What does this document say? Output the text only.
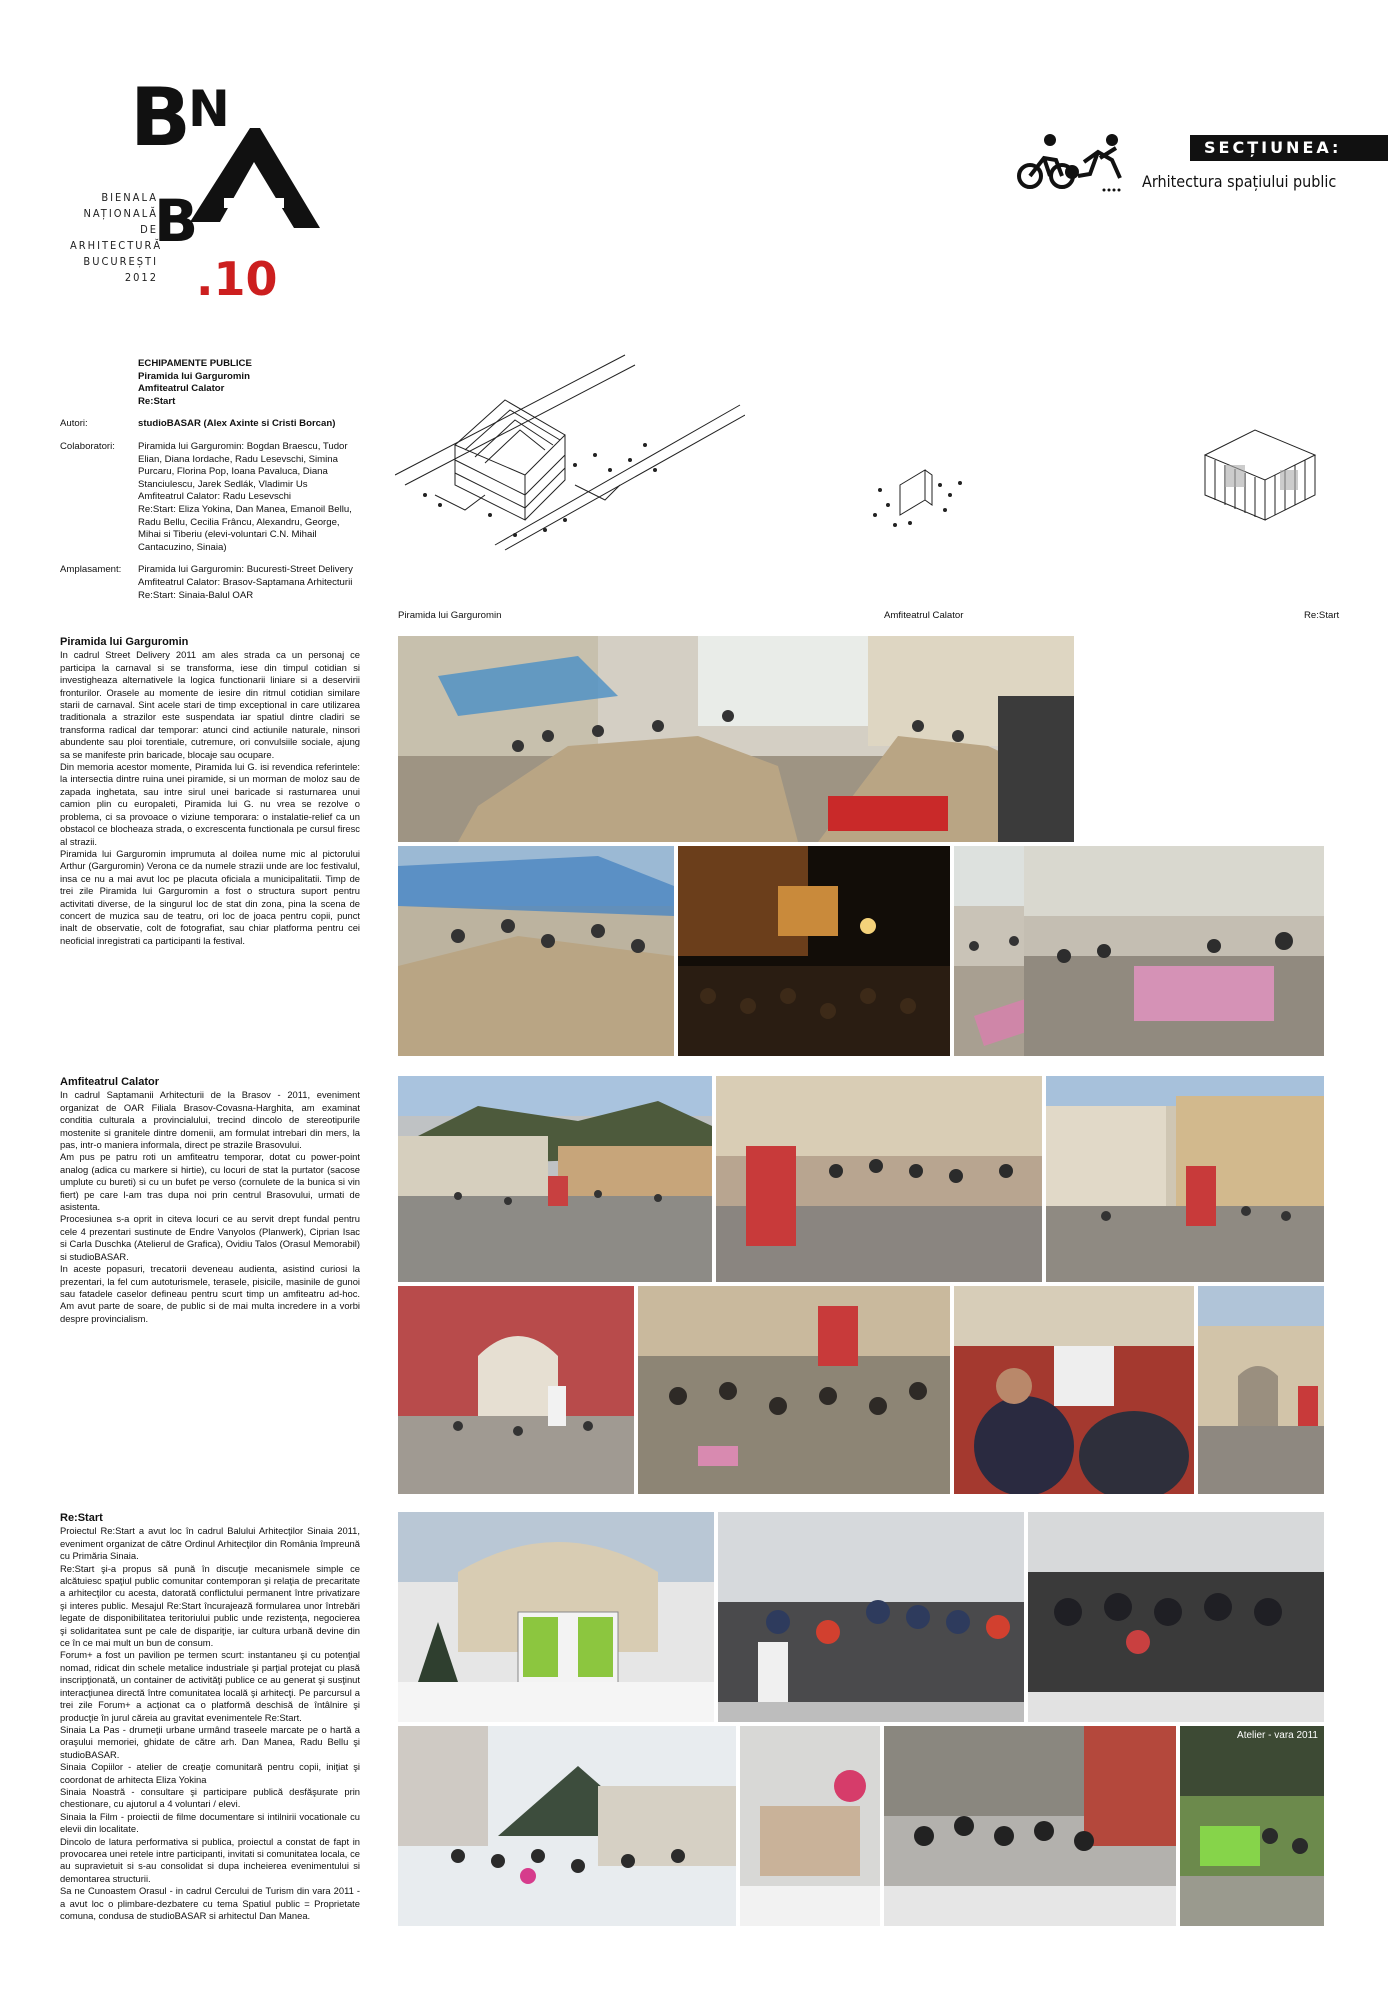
B
N
B
BIENALA
NAȚIONALĂ
DE
ARHITECTURĂ
BUCUREȘTI
2012 .10
SECȚIUNEA:
Arhitectura spațiului public
ECHIPAMENTE PUBLICE
Piramida lui Garguromin
Amfiteatrul Calator
Re:Start
Autori:	studioBASAR (Alex Axinte si Cristi Borcan)
Colaboratori:	Piramida lui Garguromin: Bogdan Braescu, Tudor
Elian, Diana Iordache, Radu Lesevschi, Simina
Purcaru, Florina Pop, Ioana Pavaluca, Diana
Stanciulescu, Jarek Sedlák, Vladimir Us
Amfiteatrul Calator: Radu Lesevschi
Re:Start: Eliza Yokina, Dan Manea, Emanoil Bellu,
Radu Bellu, Cecilia Frâncu, Alexandru, George,
Mihai si Tiberiu (elevi-voluntari C.N. Mihail
Cantacuzino, Sinaia)
Amplasament:	Piramida lui Garguromin: Bucuresti-Street Delivery
Amfiteatrul Calator: Brasov-Saptamana Arhitecturii
Re:Start: Sinaia-Balul OAR
Piramida lui Garguromin	Amfiteatrul Calator	Re:Start
Piramida lui Garguromin

In cadrul Street Delivery 2011 am ales strada ca un personaj ce participa la carnaval si se transforma, iese din timpul cotidian si investigheaza alternativele la logica functionarii liniare si a deservirii fronturilor. Orasele au momente de iesire din ritmul cotidian similare starii de carnaval. Sint acele stari de timp exceptional in care utilizarea traditionala a strazilor este suspendata iar spatiul dintre cladiri se transforma radical dar temporar: atunci cind actiunile naturale, ninsori abundente sau ploi torentiale, cutremure, ori convulsiile sociale, ajung sa se manifeste prin baricade, blocaje sau ocupare.

Din memoria acestor momente, Piramida lui G. isi revendica referintele: la intersectia dintre ruina unei piramide, si un morman de moloz sau de zapada inghetata, sau intre sirul unei baricade si rasturnarea unui camion plin cu europaleti, Piramida lui G. nu vrea se rezolve o problema, ci sa provoace o viziune temporara: o instalatie-relief ca un obstacol ce blocheaza strada, o excrescenta functionala pe cursul firesc al strazii.

Piramida lui Garguromin imprumuta al doilea nume mic al pictorului Arthur (Garguromin) Verona ce da numele strazii unde are loc festivalul, insa ce nu a mai avut loc pe placuta oficiala a municipalitatii. Timp de trei zile Piramida lui Garguromin a fost o structura suport pentru activitati diverse, de la singurul loc de stat din zona, pina la scena de concert de muzica sau de teatru, ori loc de joaca pentru copii, punct inalt de observatie, colt de fotografiat, sau chiar platforma pentru cei neoficial inregistrati ca participanti la festival.

Amfiteatrul Calator

In cadrul Saptamanii Arhitecturii de la Brasov - 2011, eveniment organizat de OAR Filiala Brasov-Covasna-Harghita, am examinat conditia culturala a provincialului, trecind dincolo de stereotipurile mostenite si granitele dintre domenii, am formulat intrebari din mers, la pas, intr-o maniera informala, direct pe strazile Brasovului.

Am pus pe patru roti un amfiteatru temporar, dotat cu power-point analog (adica cu markere si hirtie), cu locuri de stat la purtator (sacose umplute cu bureti) si cu un bufet pe verso (cornulete de la bunica si vin fiert) pe care l-am tras dupa noi prin centrul Brasovului, urmati de asistenta.

Procesiunea s-a oprit in citeva locuri ce au servit drept fundal pentru cele 4 prezentari sustinute de Endre Vanyolos (Planwerk), Ciprian Isac si Carla Duschka (Atelierul de Grafica), Ovidiu Talos (Orasul Memorabil) si studioBASAR.

In aceste popasuri, trecatorii deveneau audienta, asistind curiosi la prezentari, la fel cum autoturismele, terasele, pisicile, masinile de gunoi sau fatadele caselor defineau pentru scurt timp un amfiteatru ad-hoc. Am avut parte de soare, de public si de mai multa incredere in a vorbi despre provincialism.

Re:Start

Proiectul Re:Start a avut loc în cadrul Balului Arhitecţilor Sinaia 2011, eveniment organizat de către Ordinul Arhitecţilor din România împreună cu Primăria Sinaia.

Re:Start şi-a propus să pună în discuţie mecanismele simple ce alcătuiesc spaţiul public comunitar contemporan şi relaţia de precaritate a arhitecţilor cu acesta, datorată conflictului permanent între privatizare şi interes public. Mesajul Re:Start încurajează formularea unor întrebări legate de disponibilitatea teritoriului public unde rezistenţa, negocierea şi solidaritatea sunt pe cale de dispariţie, iar cultura urbană devine din ce în ce mai mult un bun de consum.

Forum+ a fost un pavilion pe termen scurt: instantaneu şi cu potenţial nomad, ridicat din schele metalice industriale şi parţial protejat cu plasă inscripţionată, un container de activităţi publice ce au generat şi susţinut interacţiunea directă între comunitatea locală şi arhitecţi. Pe parcursul a trei zile Forum+ a acţionat ca o platformă deschisă de întâlnire şi producţie în jurul căreia au gravitat evenimentele Re:Start.

Sinaia La Pas - drumeţii urbane urmând traseele marcate pe o hartă a oraşului memoriei, ghidate de către arh. Dan Manea, Radu Bellu şi studioBASAR.

Sinaia Copiilor - atelier de creaţie comunitară pentru copii, iniţiat şi coordonat de arhitecta Eliza Yokina

Sinaia Noastră - consultare şi participare publică desfăşurate prin chestionare, cu ajutorul a 4 voluntari / elevi.

Sinaia la Film - proiectii de filme documentare si intilnirii vocationale cu elevii din localitate.

Dincolo de latura performativa si publica, proiectul a constat de fapt in provocarea unei retele intre participanti, invitati si comunitatea locala, ce au supravietuit si s-au consolidat si dupa incheierea evenimentului si demontarea structurii.

Sa ne Cunoastem Orasul - in cadrul Cercului de Turism din vara 2011 - a avut loc o plimbare-dezbatere cu tema Spatiul public = Proprietate comuna, condusa de studioBASAR si arhitectul Dan Manea.

Atelier - vara 2011
